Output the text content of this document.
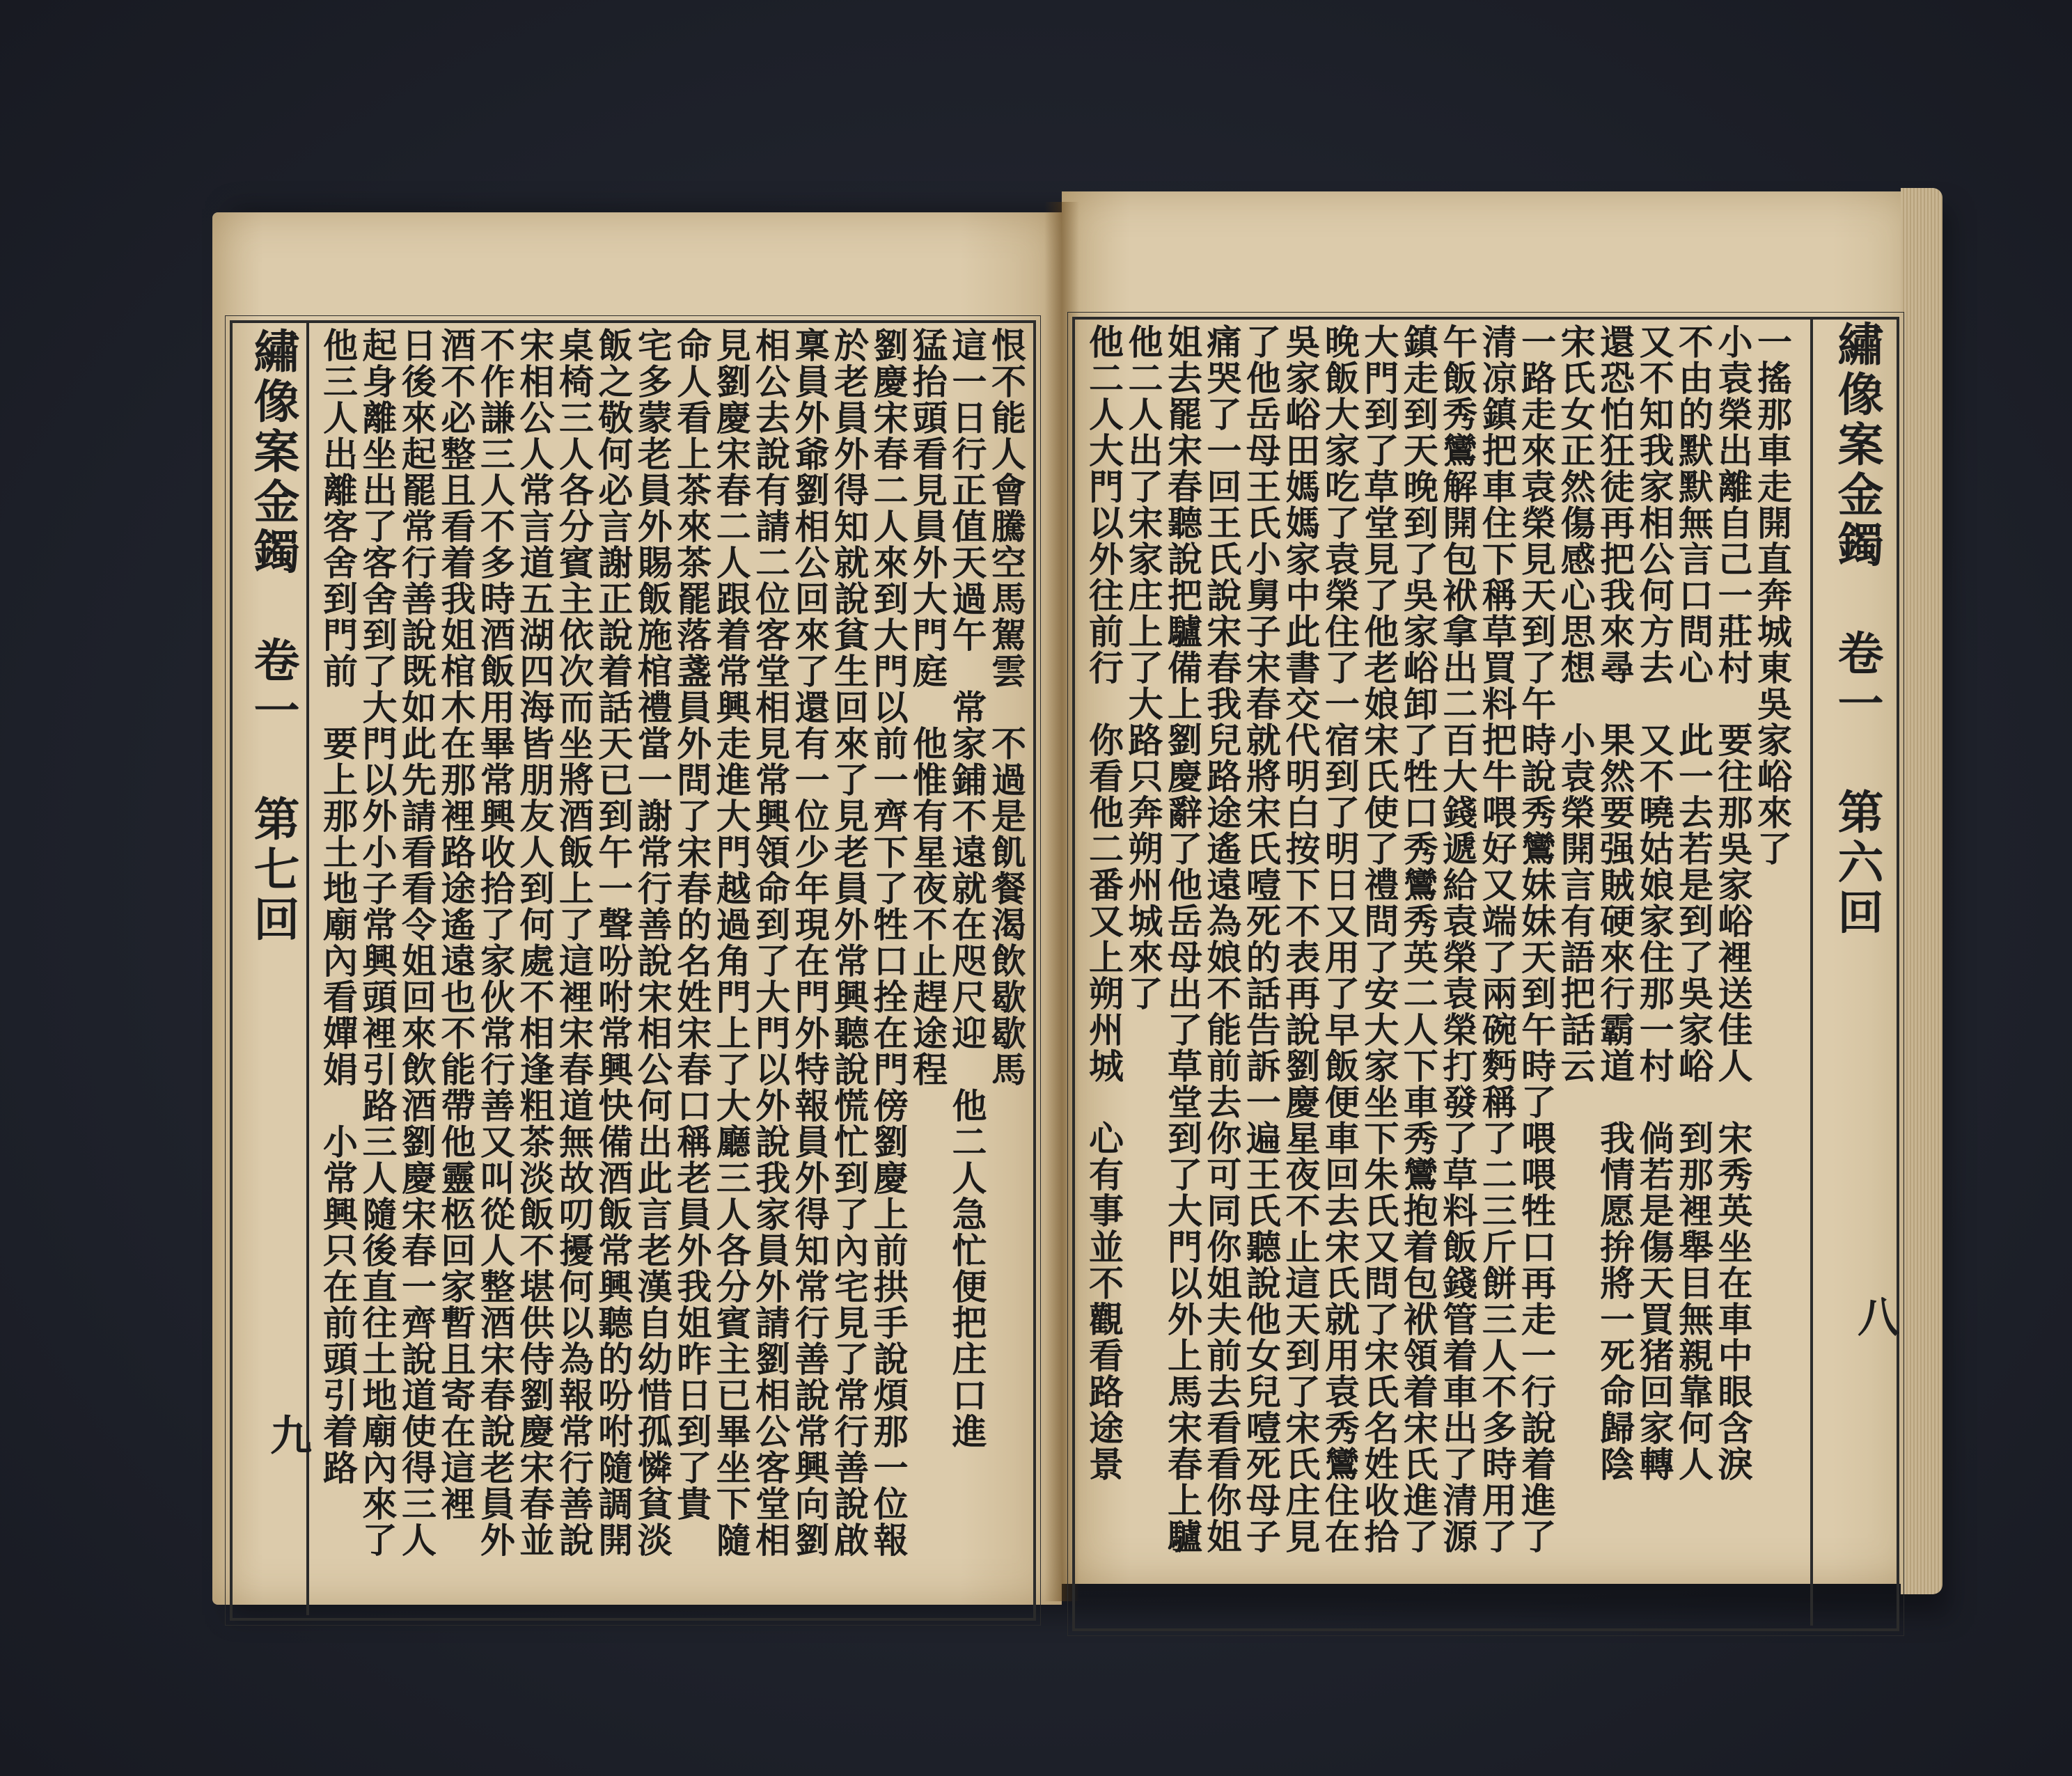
繡像案金鐲 卷一 第七回
九
繡像案金鐲 卷一 第六回
八
恨不能人會騰空馬駕雲　不過是飢餐渴飲歇歇馬
這一日行正值天過午　常家鋪不遠就在咫尺迎　他二人急忙便把庄口進
猛抬頭看見員外大門庭　他惟有星夜不止趕途程
劉慶宋春二人來到大門以前一齊下了牲口拴在門傍劉慶上前拱手說煩那一位報
於老員外得知就說貧生回來了見老員外常興聽說慌忙到了內宅見了常行善說啟
稟員外爺劉相公回來了還有一位少年現在門外特報員外得知常行善說常興向劉
相公去說有請二位客堂相見常興領命到了大門以外說我家員外請劉相公客堂相
見劉慶宋春二人跟着常興走進大門越過角門上了大廳三人各分賓主已畢坐下隨
命人看上茶來茶罷落盞員外問了宋春的名姓宋春口稱老員外我姐昨日到了貴
宅多蒙老員外賜飯施棺禮當一謝常行善說宋相公何出此言老漢自幼惜孤憐貧淡
飯之敬何必言謝正說着話天已到午一聲吩咐常興快備酒飯常興聽的吩咐隨調開
桌椅三人各分賓主依次而坐將酒飯上了這裡宋春道無故叨擾何以為報常行善說
宋相公人常言道五湖四海皆朋友人到何處不相逢粗茶淡飯不堪供侍劉慶宋春並
不作謙三人不多時酒飯用畢常興收拾了家伙常行善又叫從人整酒宋春說老員外
酒不必整且看着我姐棺木在那裡路途遙遠也不能帶他靈柩回家暫且寄在這裡
日後來起罷常行善說既如此先請看看令姐回來飲酒劉慶宋春一齊說道使得三人
起身離坐出了客舍到了大門以外小子常興頭裡引路三人隨後直往土地廟內來了
他三人出離客舍到門前　要上那土地廟內看嬋娟　小常興只在前頭引着路	一搖那車走開直奔城東吳家峪來了
小袁榮出離自己一莊村　要往那吳家峪裡送佳人　宋秀英坐在車中眼含淚
不由的默默無言口問心　此一去若是到了吳家峪　到那裡舉目無親靠何人
又不知我家相公何方去　又不曉姑娘家住那一村　倘若是傷天買猪回家轉
還恐怕狂徒再把我來尋　果然要强賊硬來行霸道　我情愿拚將一死命歸陰
宋氏女正然傷感心思想　小袁榮開言有語把話云
一路走來袁榮見天到了午時說秀鸞妹妹天到午時了喂喂牲口再走一行說着進了
清凉鎮把車住下稱草買料把牛喂好又端了兩碗麪稱了二三斤餅三人不多時用了
午飯秀鸞解開包袱拿出二百大錢遞給袁榮袁榮打發了草料飯錢管着車出了清源
鎮走到天晚到了吳家峪卸了牲口秀鸞秀英二人下車秀鸞抱着包袱領着宋氏進了
大門到了草堂見了他老娘宋氏使了禮問了安大家坐下朱氏又問了宋氏名姓收拾
晚飯大家吃了袁榮住了一宿到了明日又用了早飯便車回去宋氏就用袁秀鸞住在
吳家峪田媽媽家中此書交代明白按下不表再說劉慶星夜不止這天到了宋氏庄見
了他岳母王氏小舅子宋春就將宋氏噎死的話告訴一遍王氏聽說他女兒噎死母子
痛哭了一回王氏說宋春我兒路途遙遠為娘不能前去你可同你姐夫前去看看你姐
姐去罷宋春聽說把驢備上劉慶辭了他岳母出了草堂到了大門以外上馬宋春上驢
他二人出了宋家庄上了大路只奔朔州城來了
他二人大門以外往前行　你看他二番又上朔州城　心有事並不觀看路途景
